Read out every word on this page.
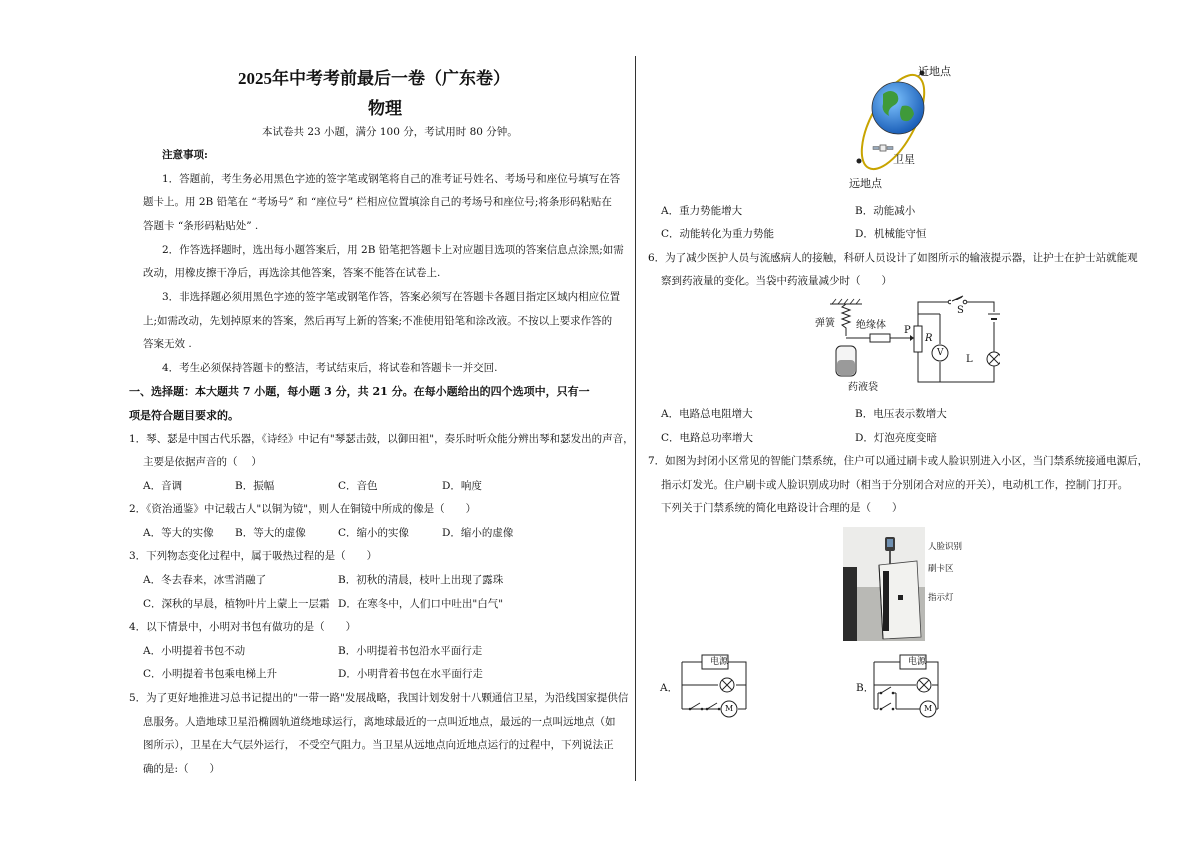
2025年中考考前最后一卷（广东卷）
物理
本试卷共 23 小题，满分 100 分，考试用时 80 分钟。
注意事项:
1．答题前，考生务必用黑色字迹的签字笔或钢笔将自己的准考证号姓名、考场号和座位号填写在答
题卡上。用 2B 铅笔在 “考场号” 和 “座位号” 栏相应位置填涂自己的考场号和座位号;将条形码粘贴在
答题卡 “条形码粘贴处” .
2．作答选择题时，选出每小题答案后，用 2B 铅笔把答题卡上对应题目选项的答案信息点涂黑;如需
改动，用橡皮擦干净后，再选涂其他答案，答案不能答在试卷上.
3．非选择题必须用黑色字迹的签字笔或钢笔作答，答案必须写在答题卡各题目指定区域内相应位置
上;如需改动，先划掉原来的答案，然后再写上新的答案;不准使用铅笔和涂改液。不按以上要求作答的
答案无效 .
4．考生必须保持答题卡的整洁，考试结束后，将试卷和答题卡一并交回.
一、选择题：本大题共 7 小题，每小题 3 分，共 21 分。在每小题给出的四个选项中，只有一
项是符合题目要求的。
1．琴、瑟是中国古代乐器，《诗经》中记有"琴瑟击鼓，以御田祖"，奏乐时听众能分辨出琴和瑟发出的声音，
主要是依据声音的（　 ）
A．音调	B．振幅	C．音色	D．响度
2．《资治通鉴》中记载古人"以铜为镜"，则人在铜镜中所成的像是（　　）
A．等大的实像 B．等大的虚像	C．缩小的实像	D．缩小的虚像
3．下列物态变化过程中，属于吸热过程的是（　　）
A．冬去春来，冰雪消融了	B．初秋的清晨，枝叶上出现了露珠
C．深秋的早晨，植物叶片上蒙上一层霜 D．在寒冬中，人们口中吐出"白气"
4．以下情景中，小明对书包有做功的是（　　）
A．小明提着书包不动	B．小明提着书包沿水平面行走
C．小明提着书包乘电梯上升	D．小明背着书包在水平面行走
5．为了更好地推进习总书记提出的"一带一路"发展战略，我国计划发射十八颗通信卫星，为沿线国家提供信
息服务。人造地球卫星沿椭圆轨道绕地球运行，离地球最近的一点叫近地点，最远的一点叫远地点（如
图所示），卫星在大气层外运行， 不受空气阻力。当卫星从远地点向近地点运行的过程中，下列说法正
确的是:（　　）
近地点
卫星
远地点
A．重力势能增大	B．动能减小
C．动能转化为重力势能	D．机械能守恒
6．为了减少医护人员与流感病人的接触，科研人员设计了如图所示的输液提示器，让护士在护士站就能观
察到药液量的变化。当袋中药液量减少时（　　）
弹簧 绝缘体 P
R
S
V
L
药液袋
A．电路总电阻增大	B．电压表示数增大
C．电路总功率增大	D．灯泡亮度变暗
7．如图为封闭小区常见的智能门禁系统，住户可以通过刷卡或人脸识别进入小区，当门禁系统接通电源后，
指示灯发光。住户刷卡或人脸识别成功时（相当于分别闭合对应的开关），电动机工作，控制门打开。
下列关于门禁系统的简化电路设计合理的是（　　）
人脸识别
刷卡区
指示灯
A．
电源
M
B．
电源
M
